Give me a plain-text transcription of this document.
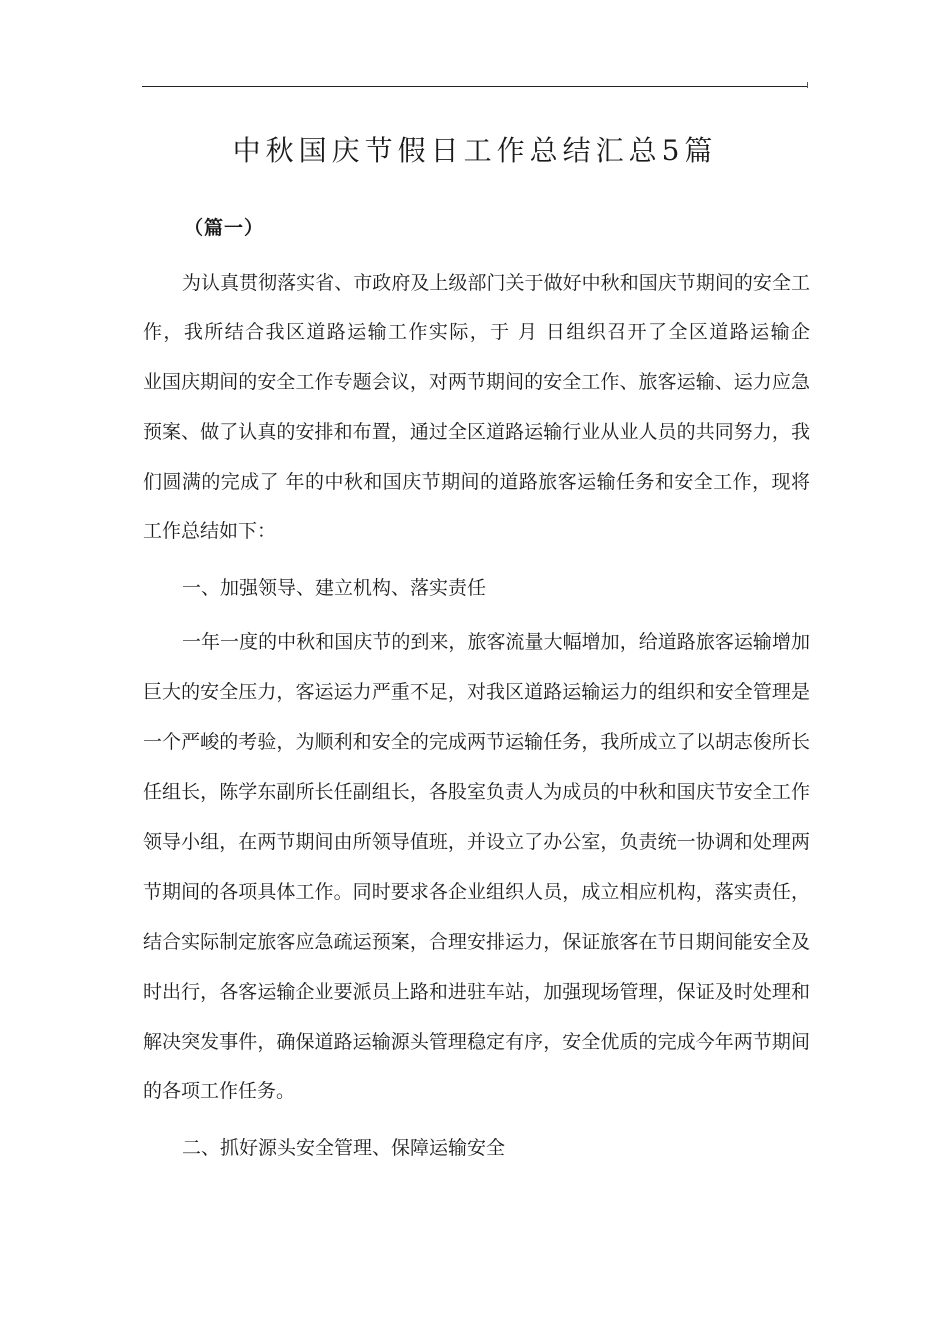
中秋国庆节假日工作总结汇总5篇
（篇一）
为认真贯彻落实省、市政府及上级部门关于做好中秋和国庆节期间的安全工
作，我所结合我区道路运输工作实际，于 月 日组织召开了全区道路运输企
业国庆期间的安全工作专题会议，对两节期间的安全工作、旅客运输、运力应急
预案、做了认真的安排和布置，通过全区道路运输行业从业人员的共同努力，我
们圆满的完成了 年的中秋和国庆节期间的道路旅客运输任务和安全工作，现将
工作总结如下：
一、加强领导、建立机构、落实责任
一年一度的中秋和国庆节的到来，旅客流量大幅增加，给道路旅客运输增加
巨大的安全压力，客运运力严重不足，对我区道路运输运力的组织和安全管理是
一个严峻的考验，为顺利和安全的完成两节运输任务，我所成立了以胡志俊所长
任组长，陈学东副所长任副组长，各股室负责人为成员的中秋和国庆节安全工作
领导小组，在两节期间由所领导值班，并设立了办公室，负责统一协调和处理两
节期间的各项具体工作。同时要求各企业组织人员，成立相应机构，落实责任，
结合实际制定旅客应急疏运预案，合理安排运力，保证旅客在节日期间能安全及
时出行，各客运输企业要派员上路和进驻车站，加强现场管理，保证及时处理和
解决突发事件，确保道路运输源头管理稳定有序，安全优质的完成今年两节期间
的各项工作任务。
二、抓好源头安全管理、保障运输安全
